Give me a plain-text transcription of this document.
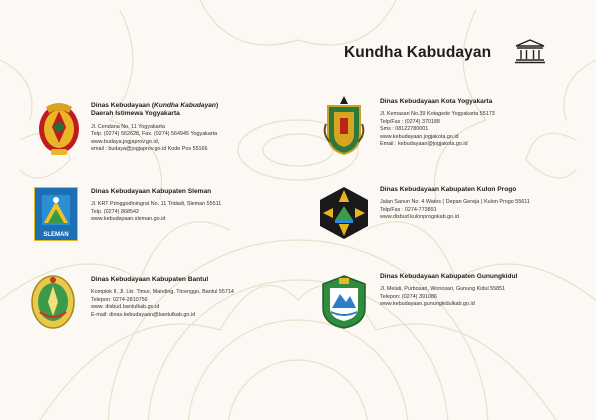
Kundha Kabudayan
SLEMAN
Dinas Kebudayaan (Kundha Kabudayan)
Daerah Istimewa Yogyakarta
Jl. Cendana No. 11 Yogyakarta
Telp. (0274) 562628, Fax. (0274) 564945 Yogyakarta
www.budaya.jogjaprov.go.id,
email : budaya@jogjaprov.go.id Kode Pos 55166
Dinas Kebudayaan Kota Yogyakarta
Jl. Kemasan No.39 Kotagede Yogyakarta 55173
Telp/Fax : (0274) 370188
Sms : 08122780001
www.kebudayaan.jogjakota.go.id
Email : kebudayaan@jogjakota.go.id
Dinas Kebudayaan Kabupaten Sleman
Jl. KRT Pringgodiningrat No. 11 Tridadi, Sleman 55511
Telp. (0274) 868542
www.kebudayaan.sleman.go.id
Dinas Kebudayaan Kabupaten Kulon Progo
Jalan Sanun No. 4 Wates ( Depan Gereja ) Kulon Progo 55611
Telp/Fax : 0274-773891
www.disbud.kulonprogokab.go.id
Dinas Kebudayaan Kabupaten Bantul
Komplek II, Jl. Lkr. Timur, Manding, Trirenggo, Bantul 55714
Telepon: 0274-2810756
www. disbud.bantulkab.go.id
E-mail: dinas.kebudayaan@bantulkab.go.id
Dinas Kebudayaan Kabupaten Gunungkidul
Jl. Melati, Purbosari, Wonosari, Gunung Kidul 55851
Telepon: (0274) 391086
www.kebudayaan.gunungkidulkab.go.id
